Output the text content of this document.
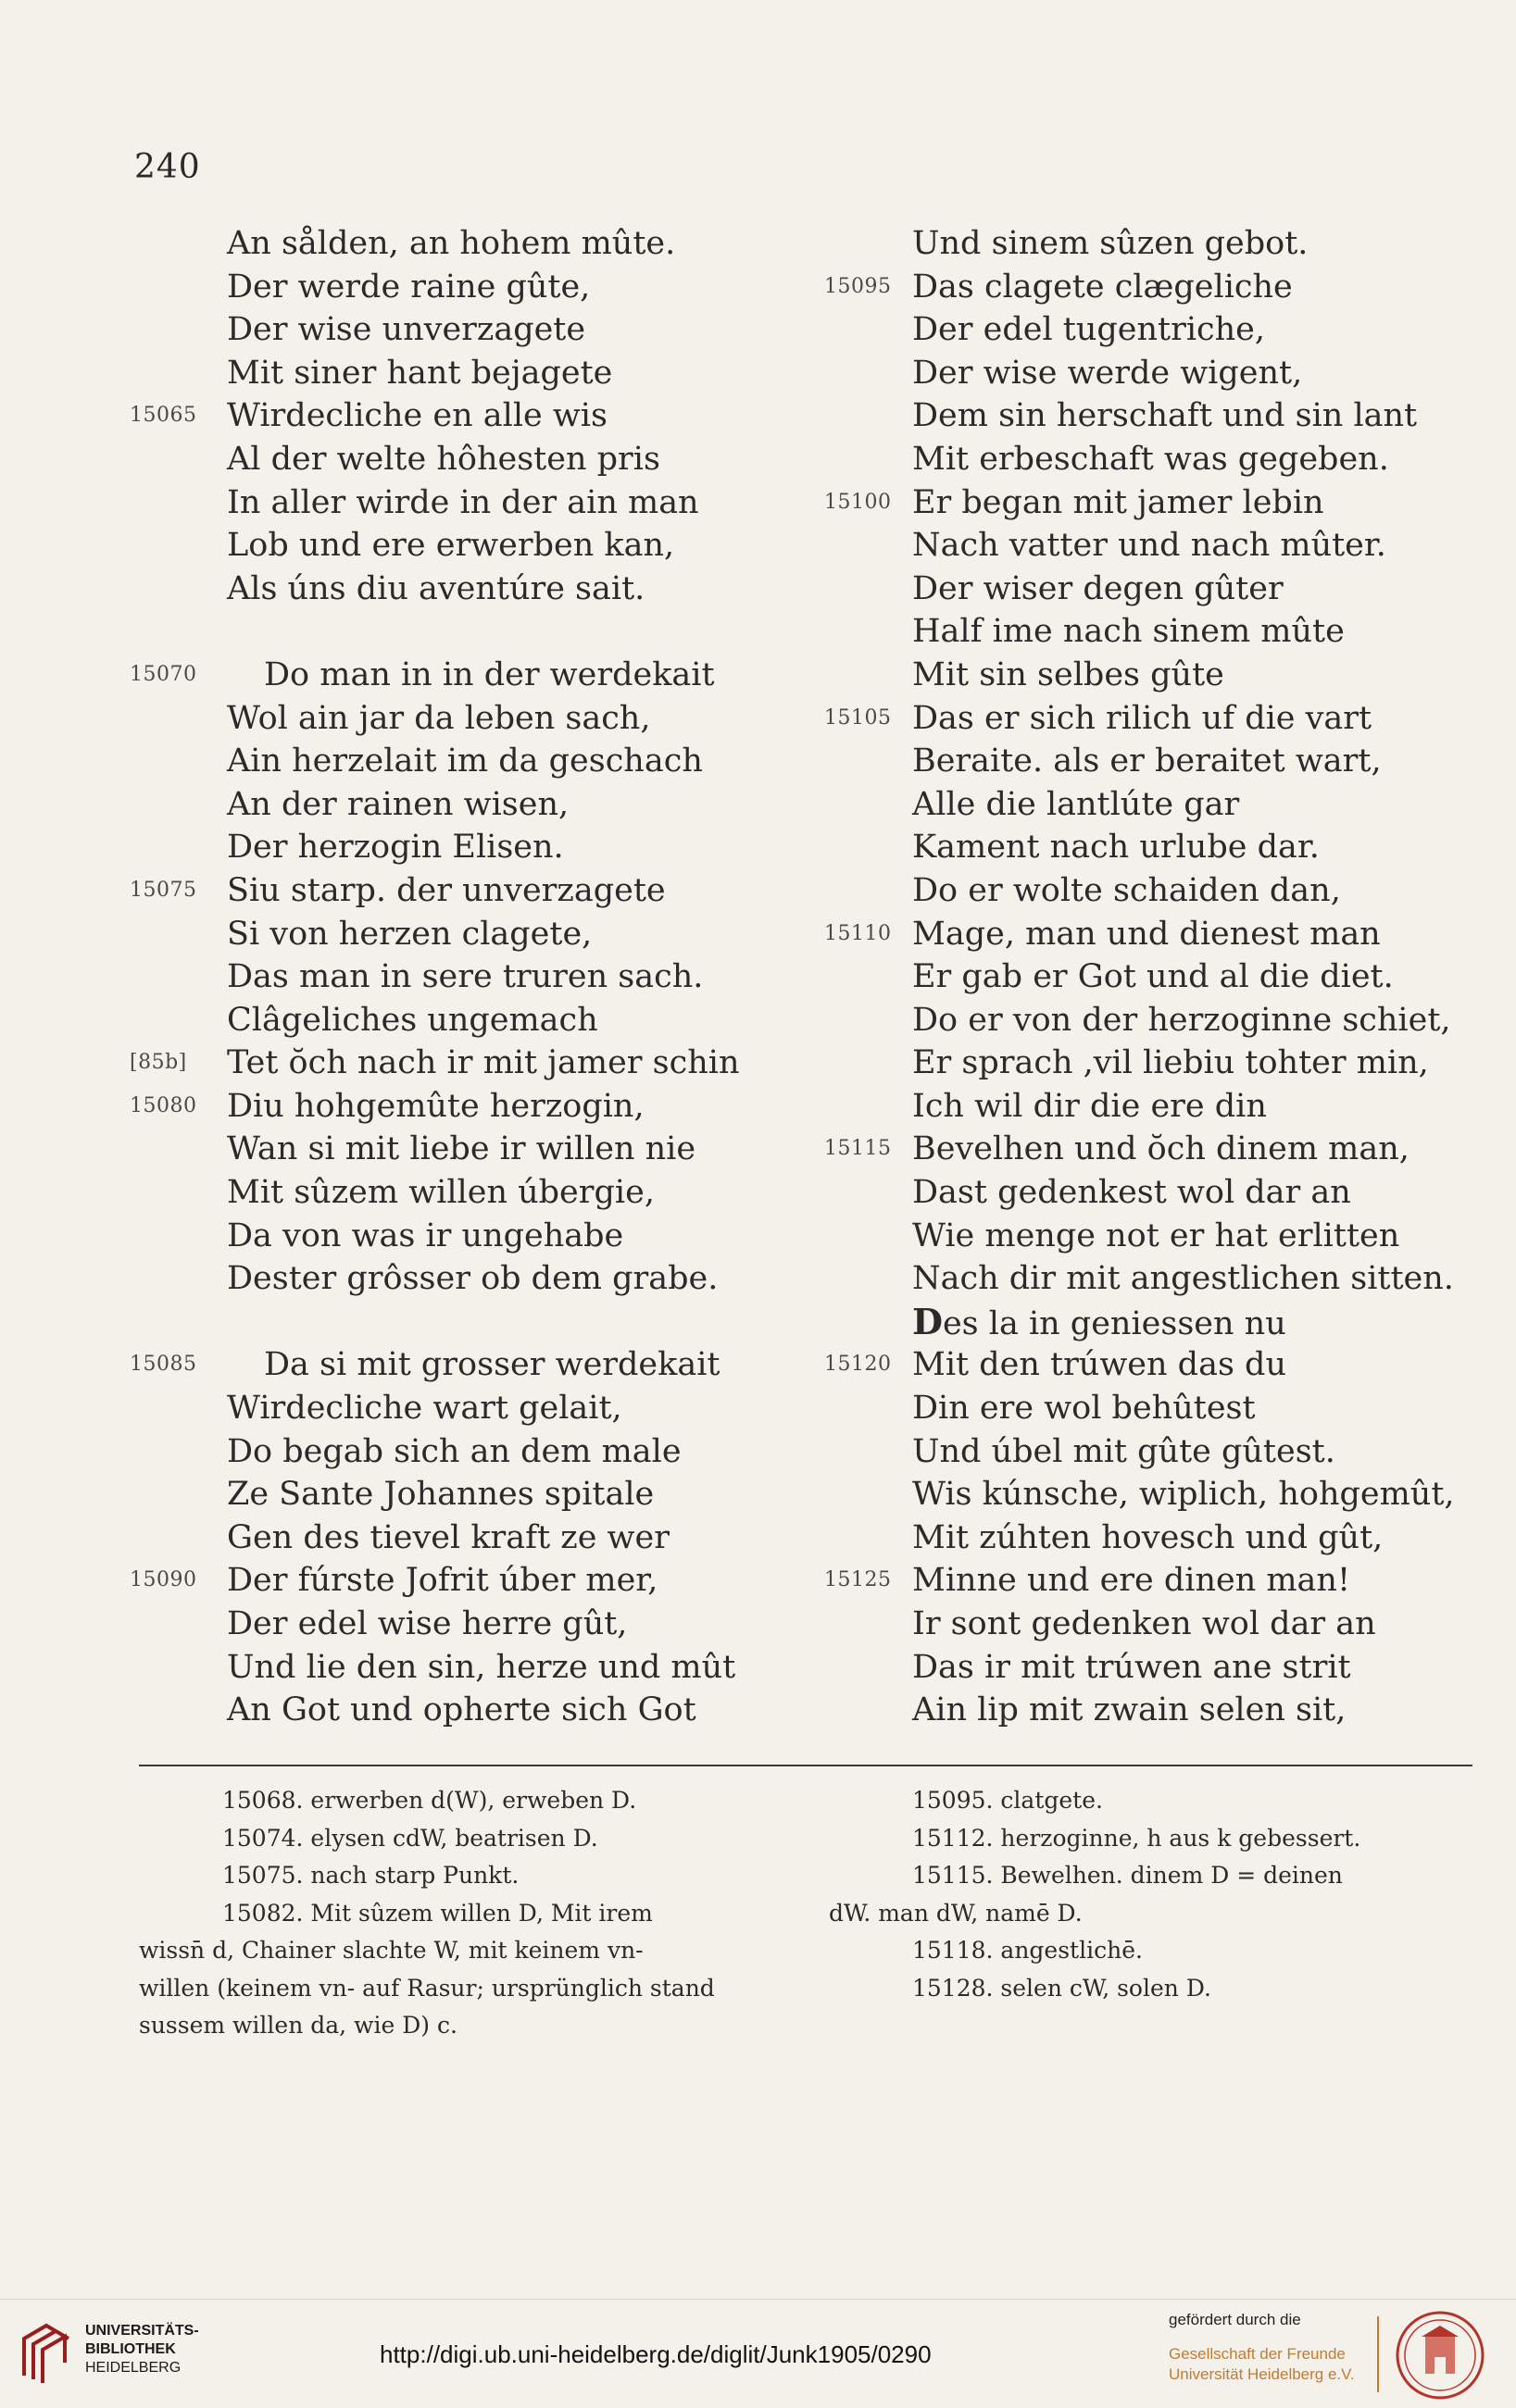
240
An sålden, an hohem mûte.
Der werde raine gûte,
Der wise unverzagete
Mit siner hant bejagete
15065 Wirdecliche en alle wis
Al der welte hôhesten pris
In aller wirde in der ain man
Lob und ere erwerben kan,
Als úns diu aventúre sait.
15070	Do man in in der werdekait
Wol ain jar da leben sach,
Ain herzelait im da geschach
An der rainen wisen,
Der herzogin Elisen.
15075 Siu starp. der unverzagete
Si von herzen clagete,
Das man in sere truren sach.
Clâgeliches ungemach
[85b]	Tet ŏch nach ir mit jamer schin
15080 Diu hohgemûte herzogin,
Wan si mit liebe ir willen nie
Mit sûzem willen úbergie,
Da von was ir ungehabe
Dester grôsser ob dem grabe.
15085	Da si mit grosser werdekait
Wirdecliche wart gelait,
Do begab sich an dem male
Ze Sante Johannes spitale
Gen des tievel kraft ze wer
15090 Der fúrste Jofrit úber mer,
Der edel wise herre gût,
Und lie den sin, herze und mût
An Got und opherte sich Got
Und sinem sûzen gebot.
15095 Das clagete clægeliche
Der edel tugentriche,
Der wise werde wigent,
Dem sin herschaft und sin lant
Mit erbeschaft was gegeben.
15100 Er began mit jamer lebin
Nach vatter und nach mûter.
Der wiser degen gûter
Half ime nach sinem mûte
Mit sin selbes gûte
15105 Das er sich rilich uf die vart
Beraite. als er beraitet wart,
Alle die lantlúte gar
Kament nach urlube dar.
Do er wolte schaiden dan,
15110 Mage, man und dienest man
Er gab er Got und al die diet.
Do er von der herzoginne schiet,
Er sprach ,vil liebiu tohter min,
Ich wil dir die ere din
15115 Bevelhen und ŏch dinem man,
Dast gedenkest wol dar an
Wie menge not er hat erlitten
Nach dir mit angestlichen sitten.
Des la in geniessen nu
15120 Mit den trúwen das du
Din ere wol behûtest
Und úbel mit gûte gûtest.
Wis kúnsche, wiplich, hohgemût,
Mit zúhten hovesch und gût,
15125 Minne und ere dinen man!
Ir sont gedenken wol dar an
Das ir mit trúwen ane strit
Ain lip mit zwain selen sit,
15068. erwerben d(W), erweben D.
15074. elysen cdW, beatrisen D.
15075. nach starp Punkt.
15082. Mit sûzem willen D, Mit irem
wissn̄ d, Chainer slachte W, mit keinem vn-
willen (keinem vn- auf Rasur; ursprünglich stand
sussem willen da, wie D) c.
15095. clatgete.
15112. herzoginne, h aus k gebessert.
15115. Bewelhen. dinem D = deinen
dW. man dW, namē D.
15118. angestlichē.
15128. selen cW, solen D.
UNIVERSITÄTS-
BIBLIOTHEK
HEIDELBERG	http://digi.ub.uni-heidelberg.de/diglit/Junk1905/0290
gefördert durch die
Gesellschaft der Freunde
Universität Heidelberg e.V.
